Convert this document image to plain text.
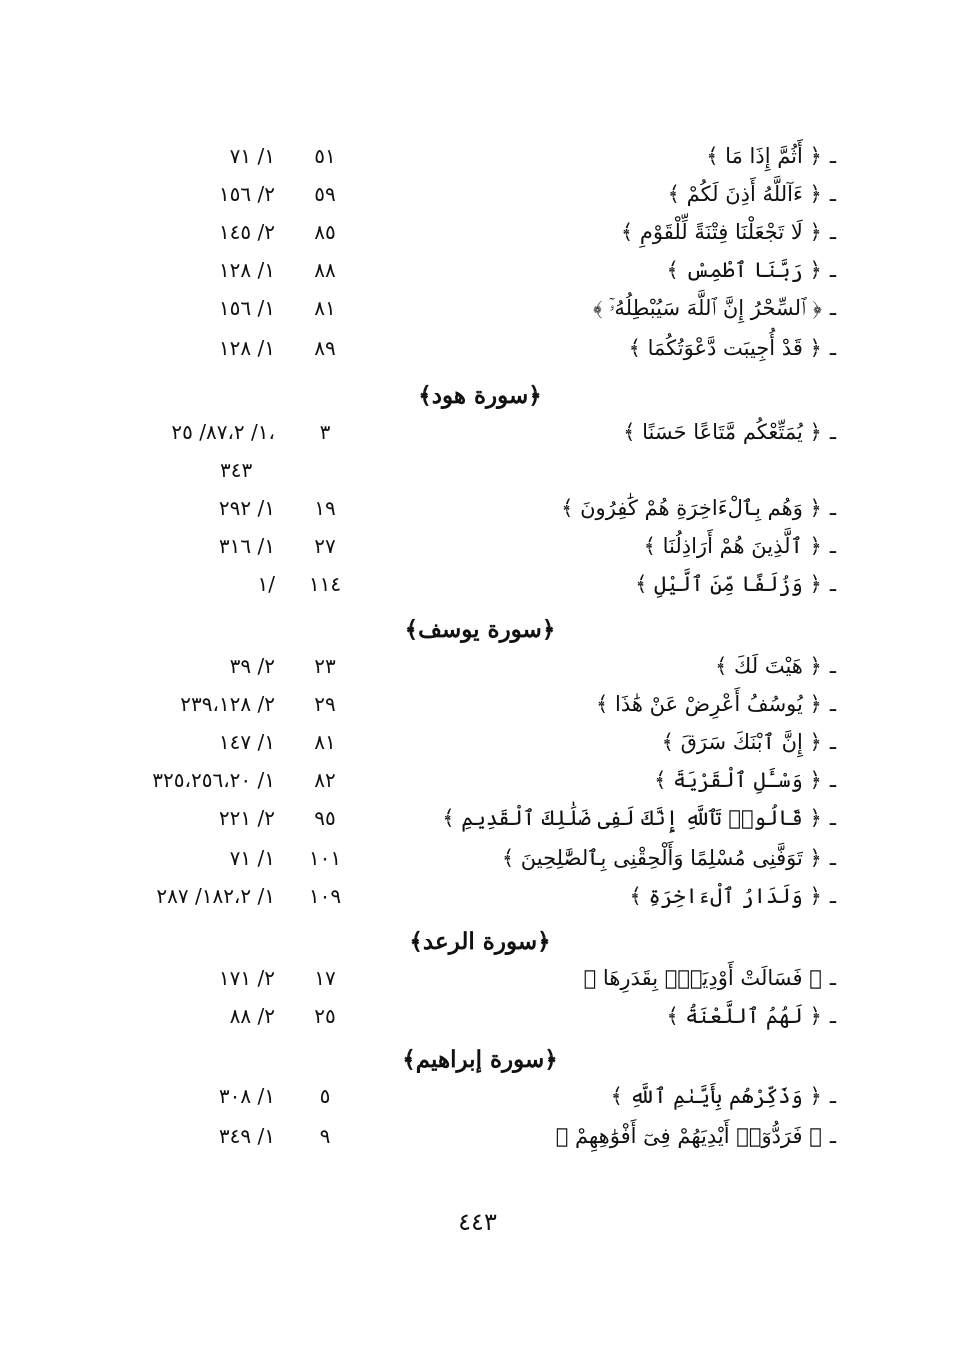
ـ﴿ أَثُمَّ إِذَا مَا ﴾
٥١
١/ ٧١
ـ﴿ ءَآللَّهُ أَذِنَ لَكُمْ ﴾
٥٩
٢/ ١٥٦
ـ﴿ لَا تَجْعَلْنَا فِتْنَةً لِّلْقَوْمِ ﴾
٨٥
٢/ ١٤٥
ـ﴿ رَبَّنَا ٱطْمِسْ ﴾
٨٨
١/ ١٢٨
ـ﴿ ٱلسِّحْرُ إِنَّ ٱللَّهَ سَيُبْطِلُهُۥٓ ﴾
٨١
١/ ١٥٦
ـ﴿ قَدْ أُجِيبَت دَّعْوَتُكُمَا ﴾
٨٩
١/ ١٢٨
﴿سورة هود﴾
ـ﴿ يُمَتِّعْكُم مَّتَاعًا حَسَنًا ﴾
٣
١/ ٨٧،٢/ ٢٥،
٣٤٣
ـ﴿ وَهُم بِٱلْءَاخِرَةِ هُمْ كَٰفِرُونَ ﴾
١٩
١/ ٢٩٢
ـ﴿ ٱلَّذِينَ هُمْ أَرَاذِلُنَا ﴾
٢٧
١/ ٣١٦
ـ﴿ وَزُلَفًا مِّنَ ٱلَّيْلِ ﴾
١١٤
١/
﴿سورة يوسف﴾
ـ﴿ هَيْتَ لَكَ ﴾
٢٣
٢/ ٣٩
ـ﴿ يُوسُفُ أَعْرِضْ عَنْ هَٰذَا ﴾
٢٩
٢/ ٢٣٩،١٢٨
ـ﴿ إِنَّ ٱبْنَكَ سَرَقَ ﴾
٨١
١/ ١٤٧
ـ﴿ وَسْـَٔلِ ٱلْقَرْيَةَ ﴾
٨٢
١/ ٣٢٥،٢٥٦،٢٠
ـ﴿ قَالُوا۟ تَٱللَّهِ إِنَّكَ لَفِى ضَلَٰلِكَ ٱلْقَدِيمِ ﴾
٩٥
٢/ ٢٢١
ـ﴿ تَوَفَّنِى مُسْلِمًا وَأَلْحِقْنِى بِٱلصَّٰلِحِينَ ﴾
١٠١
١/ ٧١
ـ﴿ وَلَدَارُ ٱلْءَاخِرَةِ ﴾
١٠٩
١/ ١٨٢،٢/ ٢٨٧
﴿سورة الرعد﴾
ـ﴿ فَسَالَتْ أَوْدِيَةٌۢ بِقَدَرِهَا ﴾
١٧
٢/ ١٧١
ـ﴿ لَهُمُ ٱللَّعْنَةُ ﴾
٢٥
٢/ ٨٨
﴿سورة إبراهيم﴾
ـ﴿ وَذَكِّرْهُم بِأَيَّىٰمِ ٱللَّهِ ﴾
٥
١/ ٣٠٨
ـ﴿ فَرَدُّوٓا۟ أَيْدِيَهُمْ فِىٓ أَفْوَٰهِهِمْ ﴾
٩
١/ ٣٤٩
٤٤٣
